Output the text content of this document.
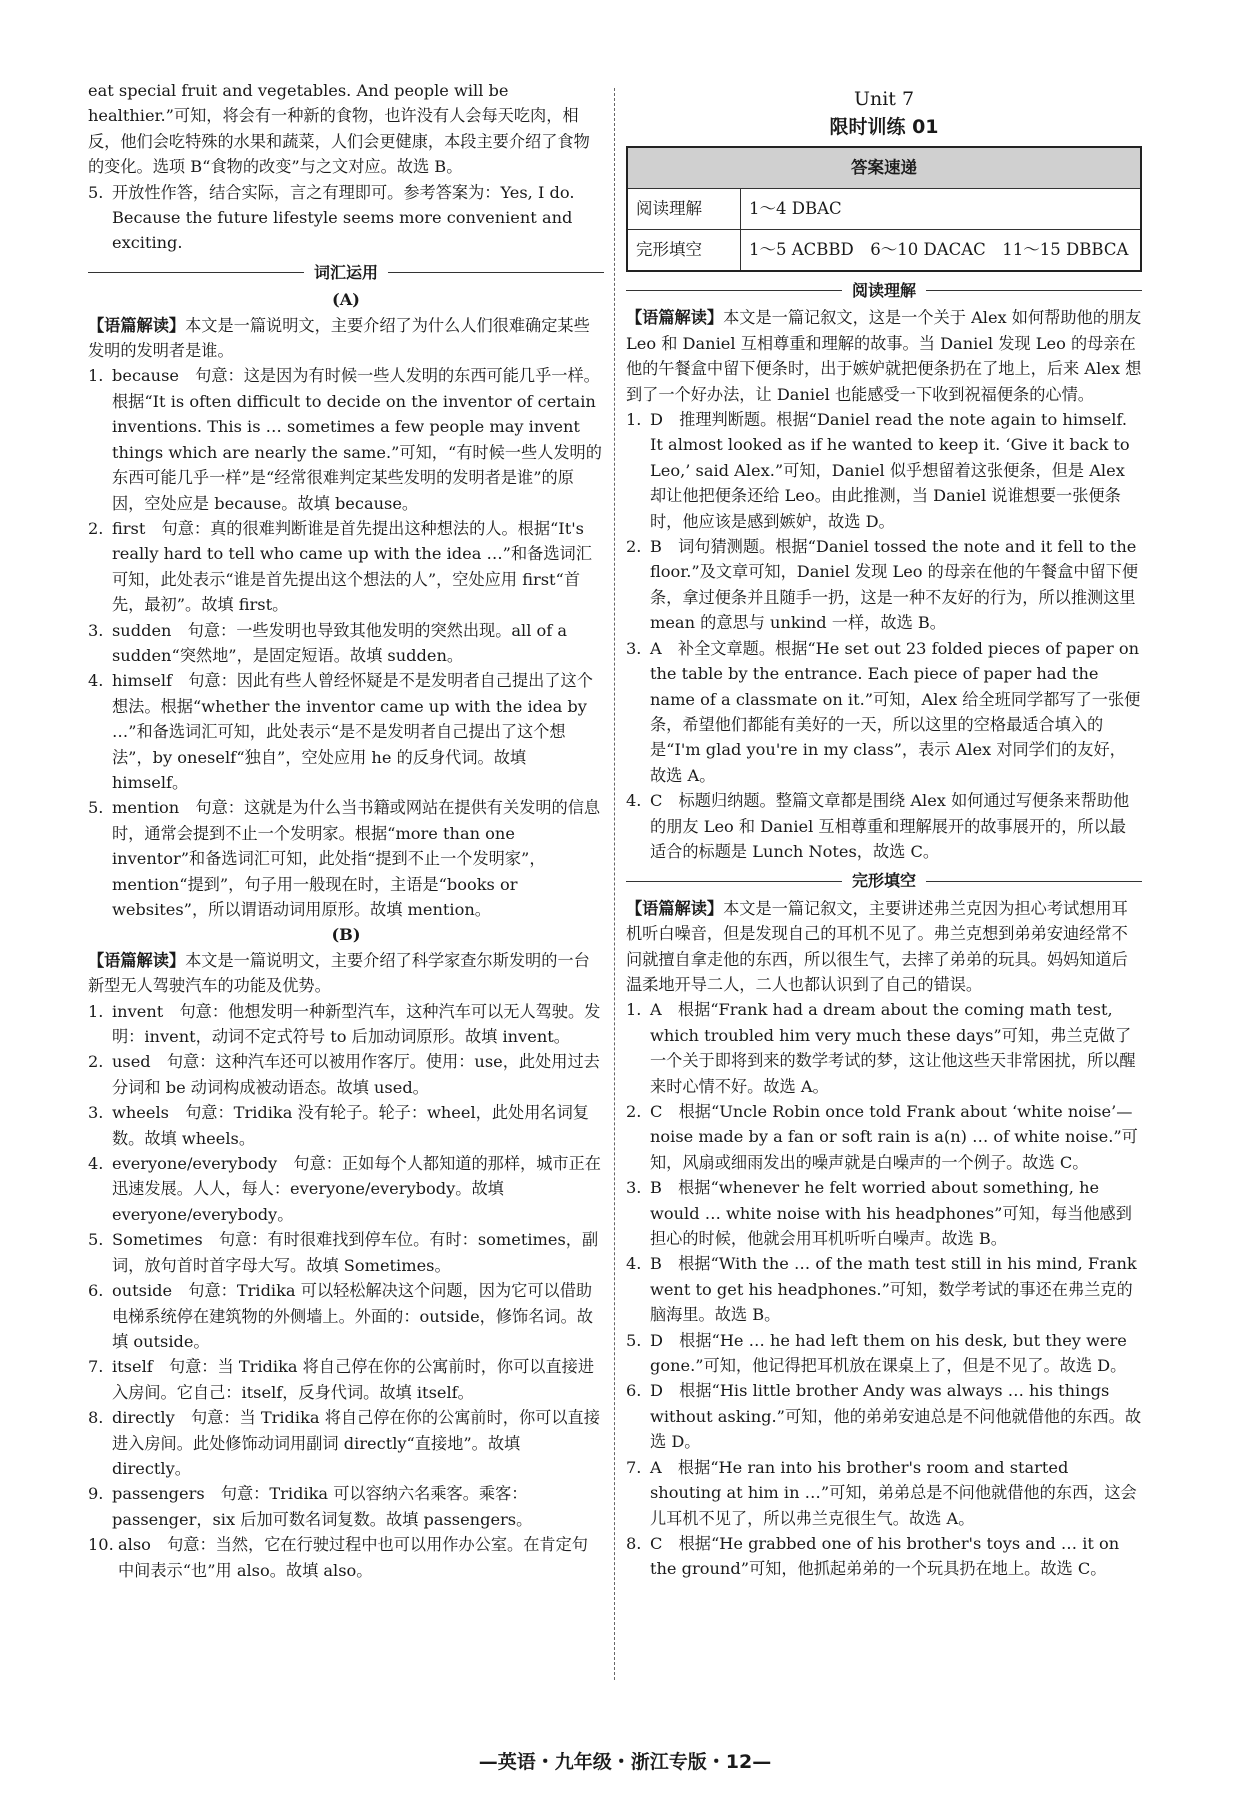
eat special fruit and vegetables. And people will be healthier.”可知，将会有一种新的食物，也许没有人会每天吃肉，相反，他们会吃特殊的水果和蔬菜，人们会更健康，本段主要介绍了食物的变化。选项 B“食物的改变”与之文对应。故选 B。

5. 开放性作答，结合实际，言之有理即可。参考答案为：Yes, I do. Because the future lifestyle seems more convenient and exciting.

词汇运用

(A)

【语篇解读】本文是一篇说明文，主要介绍了为什么人们很难确定某些发明的发明者是谁。

1. because　句意：这是因为有时候一些人发明的东西可能几乎一样。根据“It is often difficult to decide on the inventor of certain inventions. This is … sometimes a few people may invent things which are nearly the same.”可知，“有时候一些人发明的东西可能几乎一样”是“经常很难判定某些发明的发明者是谁”的原因，空处应是 because。故填 because。

2. first　句意：真的很难判断谁是首先提出这种想法的人。根据“It's really hard to tell who came up with the idea …”和备选词汇可知，此处表示“谁是首先提出这个想法的人”，空处应用 first“首先，最初”。故填 first。

3. sudden　句意：一些发明也导致其他发明的突然出现。all of a sudden“突然地”，是固定短语。故填 sudden。

4. himself　句意：因此有些人曾经怀疑是不是发明者自己提出了这个想法。根据“whether the inventor came up with the idea by …”和备选词汇可知，此处表示“是不是发明者自己提出了这个想法”，by oneself“独自”，空处应用 he 的反身代词。故填 himself。

5. mention　句意：这就是为什么当书籍或网站在提供有关发明的信息时，通常会提到不止一个发明家。根据“more than one inventor”和备选词汇可知，此处指“提到不止一个发明家”，mention“提到”，句子用一般现在时，主语是“books or websites”，所以谓语动词用原形。故填 mention。

(B)

【语篇解读】本文是一篇说明文，主要介绍了科学家查尔斯发明的一台新型无人驾驶汽车的功能及优势。

1. invent　句意：他想发明一种新型汽车，这种汽车可以无人驾驶。发明：invent，动词不定式符号 to 后加动词原形。故填 invent。

2. used　句意：这种汽车还可以被用作客厅。使用：use，此处用过去分词和 be 动词构成被动语态。故填 used。

3. wheels　句意：Tridika 没有轮子。轮子：wheel，此处用名词复数。故填 wheels。

4. everyone/everybody　句意：正如每个人都知道的那样，城市正在迅速发展。人人，每人：everyone/everybody。故填 everyone/everybody。

5. Sometimes　句意：有时很难找到停车位。有时：sometimes，副词，放句首时首字母大写。故填 Sometimes。

6. outside　句意：Tridika 可以轻松解决这个问题，因为它可以借助电梯系统停在建筑物的外侧墙上。外面的：outside，修饰名词。故填 outside。

7. itself　句意：当 Tridika 将自己停在你的公寓前时，你可以直接进入房间。它自己：itself，反身代词。故填 itself。

8. directly　句意：当 Tridika 将自己停在你的公寓前时，你可以直接进入房间。此处修饰动词用副词 directly“直接地”。故填 directly。

9. passengers　句意：Tridika 可以容纳六名乘客。乘客：passenger，six 后加可数名词复数。故填 passengers。

10. also　句意：当然，它在行驶过程中也可以用作办公室。在肯定句中间表示“也”用 also。故填 also。

Unit 7

限时训练 01

答案速递	
阅读理解	1～4 DBAC
完形填空	1～5 ACBBD　6～10 DACAC　11～15 DBBCA
阅读理解

【语篇解读】本文是一篇记叙文，这是一个关于 Alex 如何帮助他的朋友 Leo 和 Daniel 互相尊重和理解的故事。当 Daniel 发现 Leo 的母亲在他的午餐盒中留下便条时，出于嫉妒就把便条扔在了地上，后来 Alex 想到了一个好办法，让 Daniel 也能感受一下收到祝福便条的心情。

1. D　推理判断题。根据“Daniel read the note again to himself. It almost looked as if he wanted to keep it. ‘Give it back to Leo,’ said Alex.”可知，Daniel 似乎想留着这张便条，但是 Alex 却让他把便条还给 Leo。由此推测，当 Daniel 说谁想要一张便条时，他应该是感到嫉妒，故选 D。

2. B　词句猜测题。根据“Daniel tossed the note and it fell to the floor.”及文章可知，Daniel 发现 Leo 的母亲在他的午餐盒中留下便条，拿过便条并且随手一扔，这是一种不友好的行为，所以推测这里 mean 的意思与 unkind 一样，故选 B。

3. A　补全文章题。根据“He set out 23 folded pieces of paper on the table by the entrance. Each piece of paper had the name of a classmate on it.”可知，Alex 给全班同学都写了一张便条，希望他们都能有美好的一天，所以这里的空格最适合填入的是“I'm glad you're in my class”，表示 Alex 对同学们的友好，故选 A。

4. C　标题归纳题。整篇文章都是围绕 Alex 如何通过写便条来帮助他的朋友 Leo 和 Daniel 互相尊重和理解展开的故事展开的，所以最适合的标题是 Lunch Notes，故选 C。

完形填空

【语篇解读】本文是一篇记叙文，主要讲述弗兰克因为担心考试想用耳机听白噪音，但是发现自己的耳机不见了。弗兰克想到弟弟安迪经常不问就擅自拿走他的东西，所以很生气，去摔了弟弟的玩具。妈妈知道后温柔地开导二人，二人也都认识到了自己的错误。

1. A　根据“Frank had a dream about the coming math test, which troubled him very much these days”可知，弗兰克做了一个关于即将到来的数学考试的梦，这让他这些天非常困扰，所以醒来时心情不好。故选 A。

2. C　根据“Uncle Robin once told Frank about ‘white noise’—noise made by a fan or soft rain is a(n) … of white noise.”可知，风扇或细雨发出的噪声就是白噪声的一个例子。故选 C。

3. B　根据“whenever he felt worried about something, he would … white noise with his headphones”可知，每当他感到担心的时候，他就会用耳机听听白噪声。故选 B。

4. B　根据“With the … of the math test still in his mind, Frank went to get his headphones.”可知，数学考试的事还在弗兰克的脑海里。故选 B。

5. D　根据“He … he had left them on his desk, but they were gone.”可知，他记得把耳机放在课桌上了，但是不见了。故选 D。

6. D　根据“His little brother Andy was always … his things without asking.”可知，他的弟弟安迪总是不问他就借他的东西。故选 D。

7. A　根据“He ran into his brother's room and started shouting at him in …”可知，弟弟总是不问他就借他的东西，这会儿耳机不见了，所以弗兰克很生气。故选 A。

8. C　根据“He grabbed one of his brother's toys and … it on the ground”可知，他抓起弟弟的一个玩具扔在地上。故选 C。

—英语・九年级・浙江专版・12—
